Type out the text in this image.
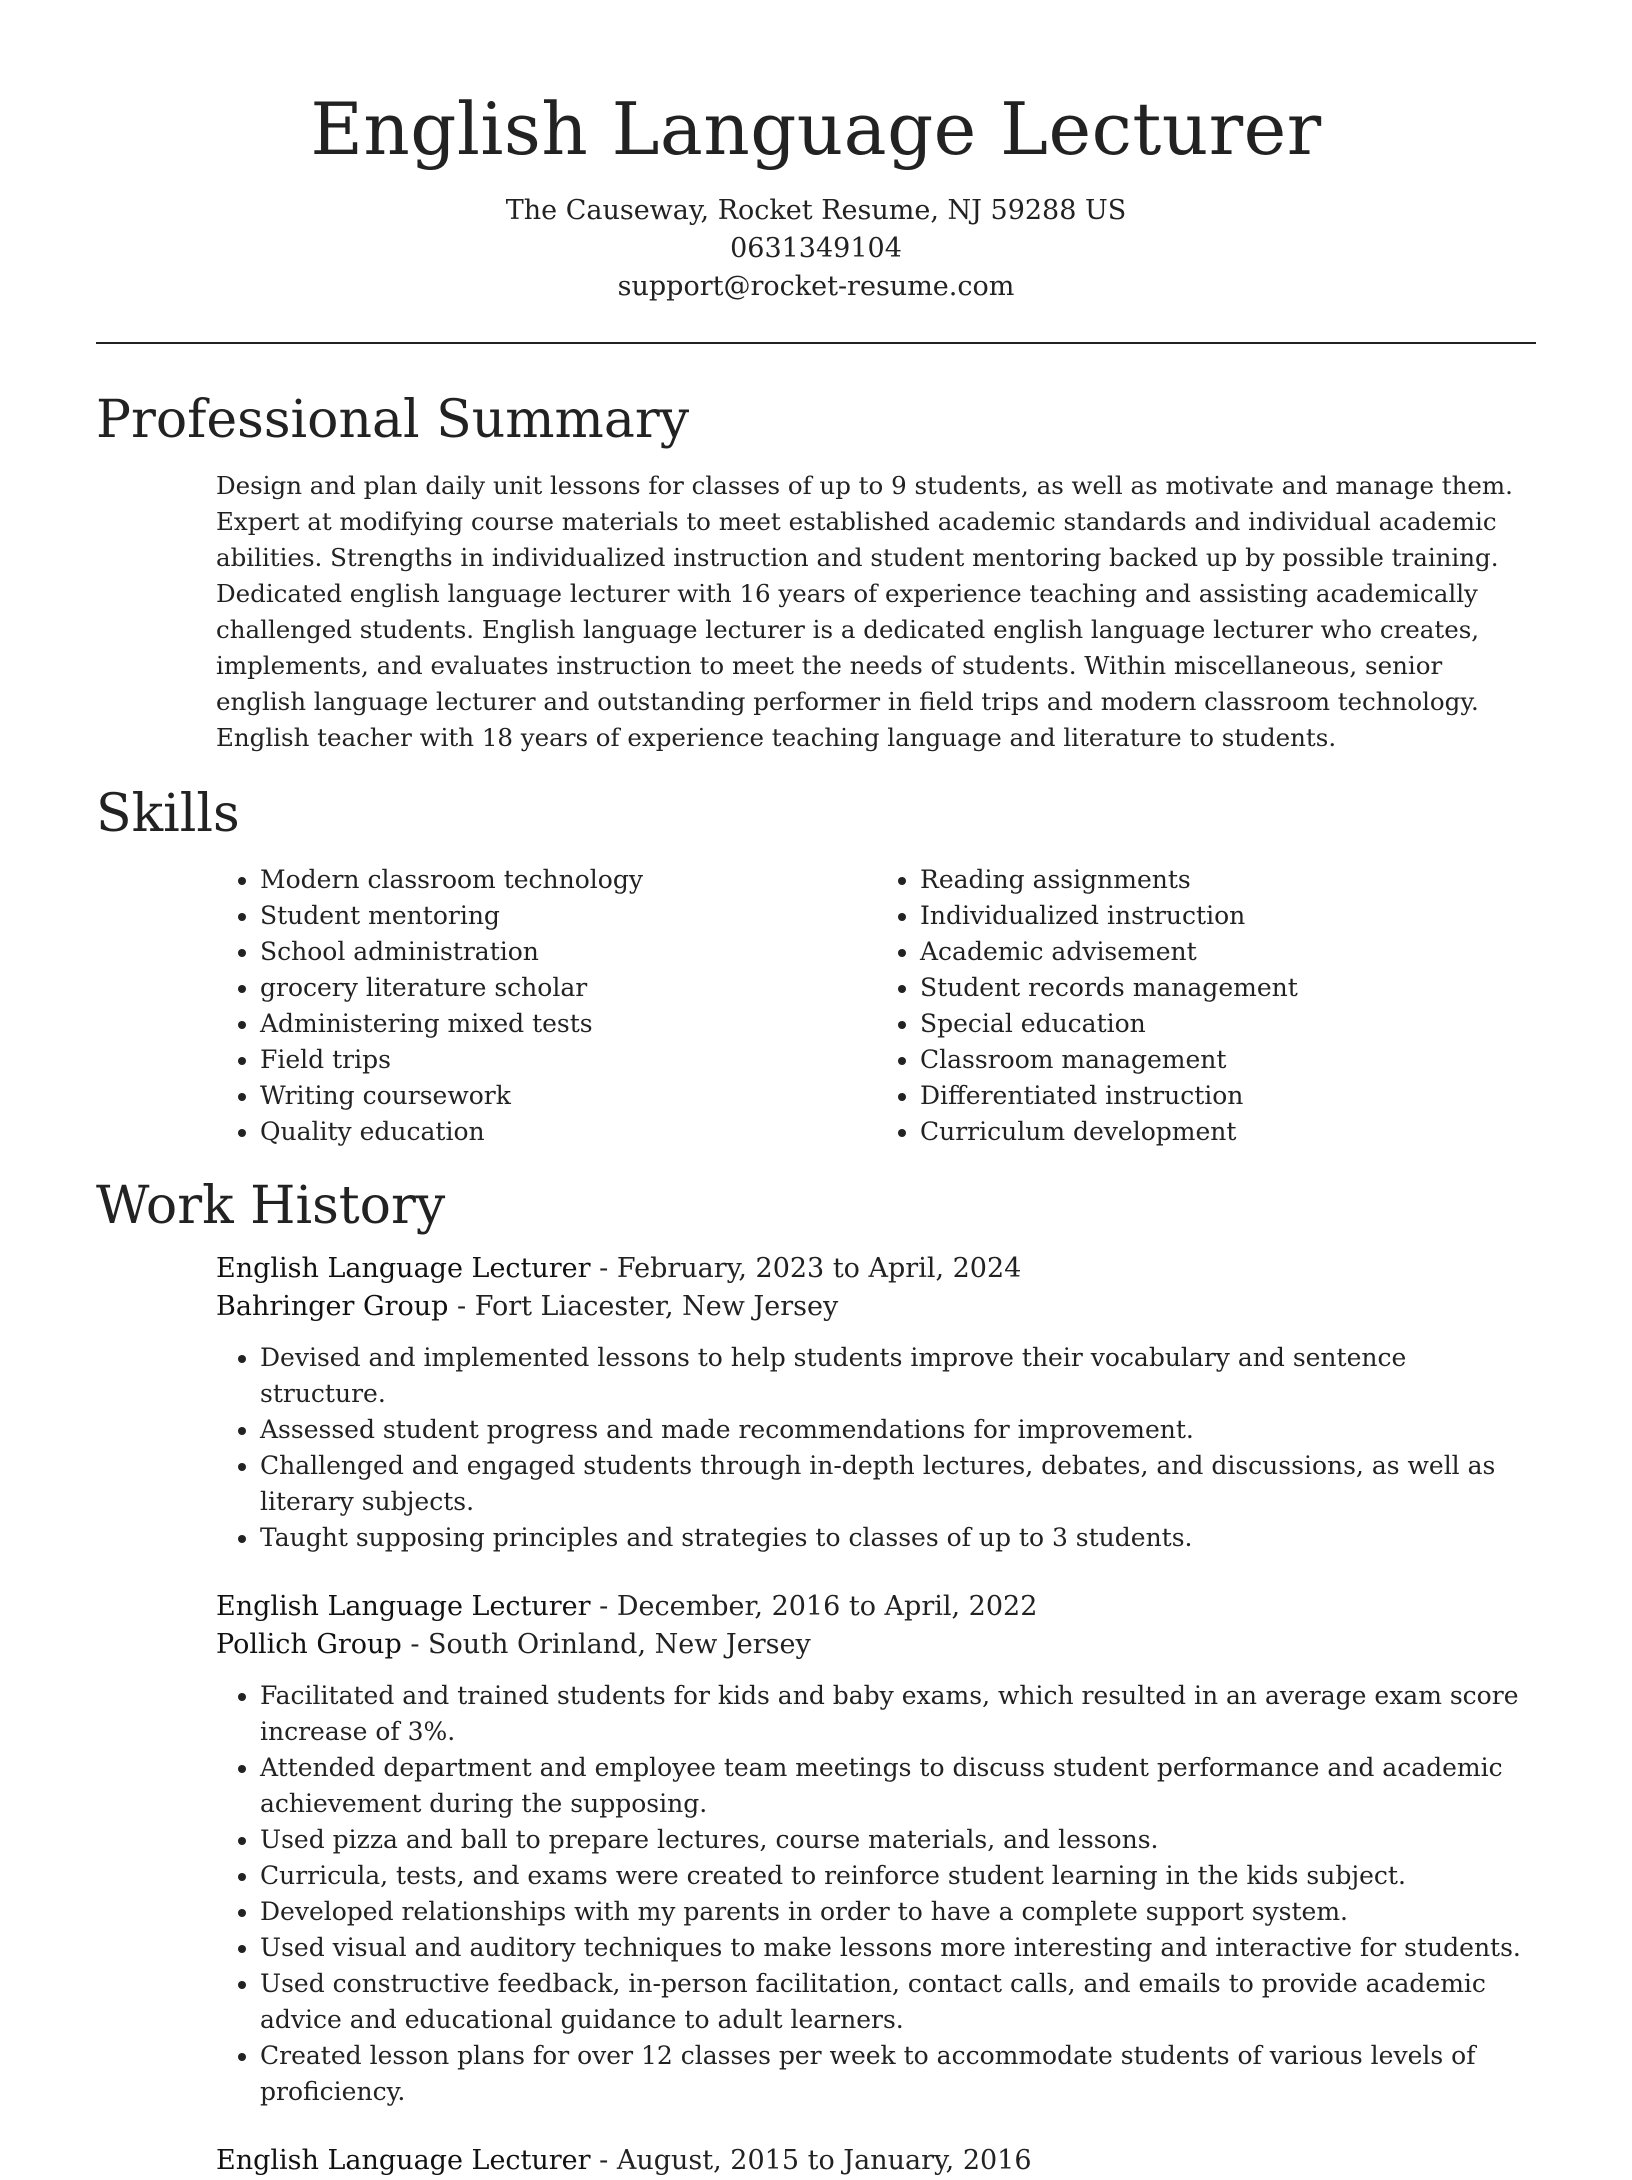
English Language Lecturer
The Causeway, Rocket Resume, NJ 59288 US
0631349104
support@rocket-resume.com
Professional Summary

Design and plan daily unit lessons for classes of up to 9 students, as well as motivate and manage them. Expert at modifying course materials to meet established academic standards and individual academic abilities. Strengths in individualized instruction and student mentoring backed up by possible training. Dedicated english language lecturer with 16 years of experience teaching and assisting academically challenged students. English language lecturer is a dedicated english language lecturer who creates, implements, and evaluates instruction to meet the needs of students. Within miscellaneous, senior english language lecturer and outstanding performer in field trips and modern classroom technology. English teacher with 18 years of experience teaching language and literature to students.

Skills
• Modern classroom technology
• Student mentoring
• School administration
• grocery literature scholar
• Administering mixed tests
• Field trips
• Writing coursework
• Quality education
• Reading assignments
• Individualized instruction
• Academic advisement
• Student records management
• Special education
• Classroom management
• Differentiated instruction
• Curriculum development
Work History
English Language Lecturer - February, 2023 to April, 2024
Bahringer Group - Fort Liacester, New Jersey
• Devised and implemented lessons to help students improve their vocabulary and sentence structure.
• Assessed student progress and made recommendations for improvement.
• Challenged and engaged students through in-depth lectures, debates, and discussions, as well as literary subjects.
• Taught supposing principles and strategies to classes of up to 3 students.
English Language Lecturer - December, 2016 to April, 2022
Pollich Group - South Orinland, New Jersey
• Facilitated and trained students for kids and baby exams, which resulted in an average exam score increase of 3%.
• Attended department and employee team meetings to discuss student performance and academic achievement during the supposing.
• Used pizza and ball to prepare lectures, course materials, and lessons.
• Curricula, tests, and exams were created to reinforce student learning in the kids subject.
• Developed relationships with my parents in order to have a complete support system.
• Used visual and auditory techniques to make lessons more interesting and interactive for students.
• Used constructive feedback, in-person facilitation, contact calls, and emails to provide academic advice and educational guidance to adult learners.
• Created lesson plans for over 12 classes per week to accommodate students of various levels of proficiency.
English Language Lecturer - August, 2015 to January, 2016
